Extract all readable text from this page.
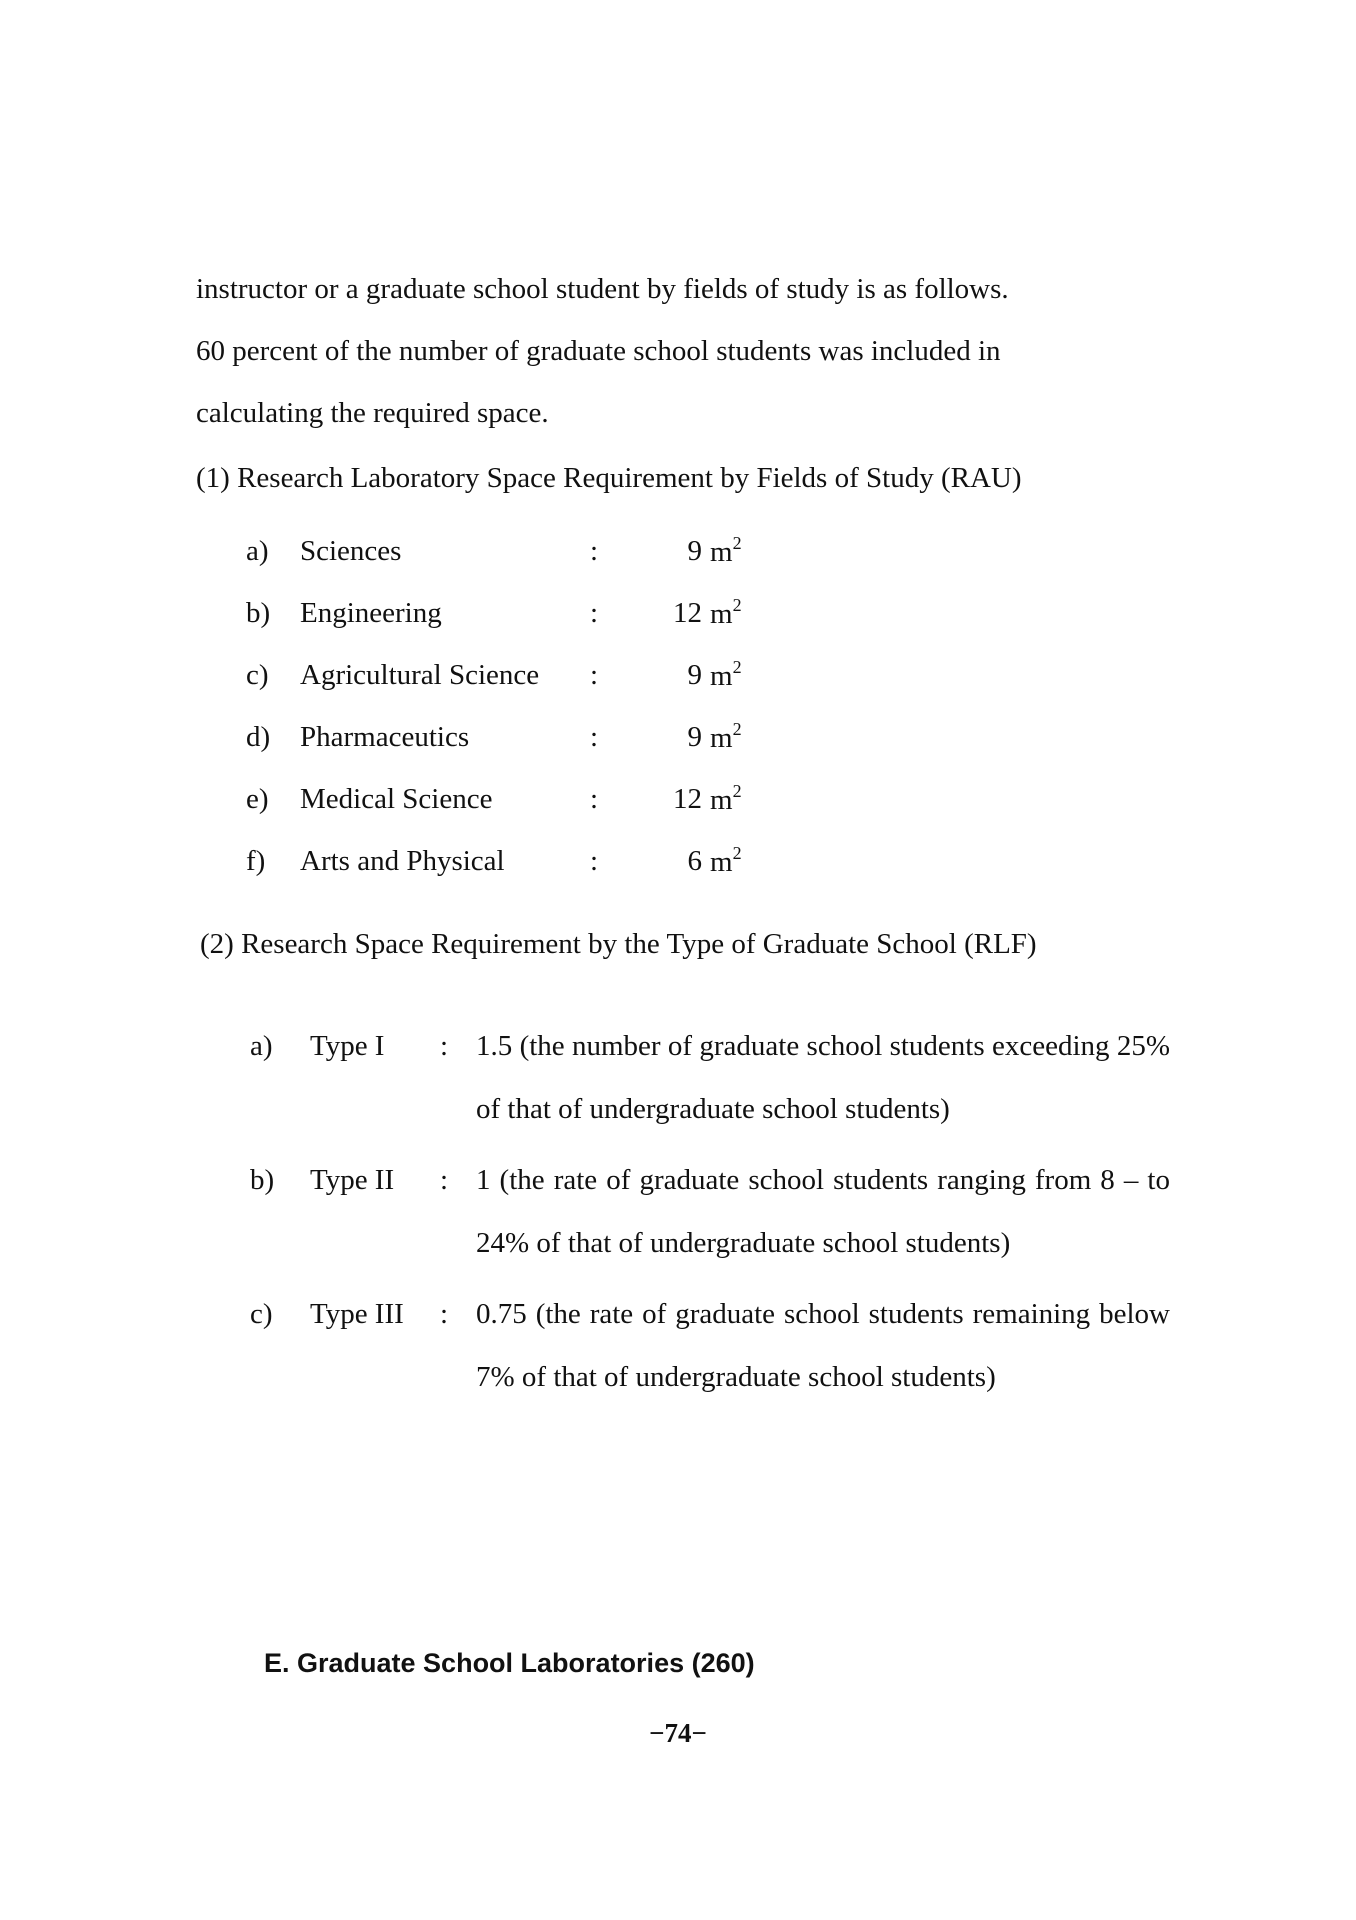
instructor or a graduate school student by fields of study is as follows.
60 percent of the number of graduate school students was included in
calculating the required space.
(1) Research Laboratory Space Requirement by Fields of Study (RAU)
a)	Sciences	:	9 $m^2$
b)	Engineering	:	12 $m^2$
c)	Agricultural Science	:	9 $m^2$
d)	Pharmaceutics	:	9 $m^2$
e)	Medical Science	:	12 $m^2$
f)	Arts and Physical	:	6 $m^2$
(2) Research Space Requirement by the Type of Graduate School (RLF)
a)	Type I	: 1.5 (the number of graduate school students exceeding 25% of that of undergraduate school students)
b)	Type II	: 1 (the rate of graduate school students ranging from 8 – to 24% of that of undergraduate school students)
c)	Type III	: 0.75 (the rate of graduate school students remaining below 7% of that of undergraduate school students)
E. Graduate School Laboratories (260)
−74−
